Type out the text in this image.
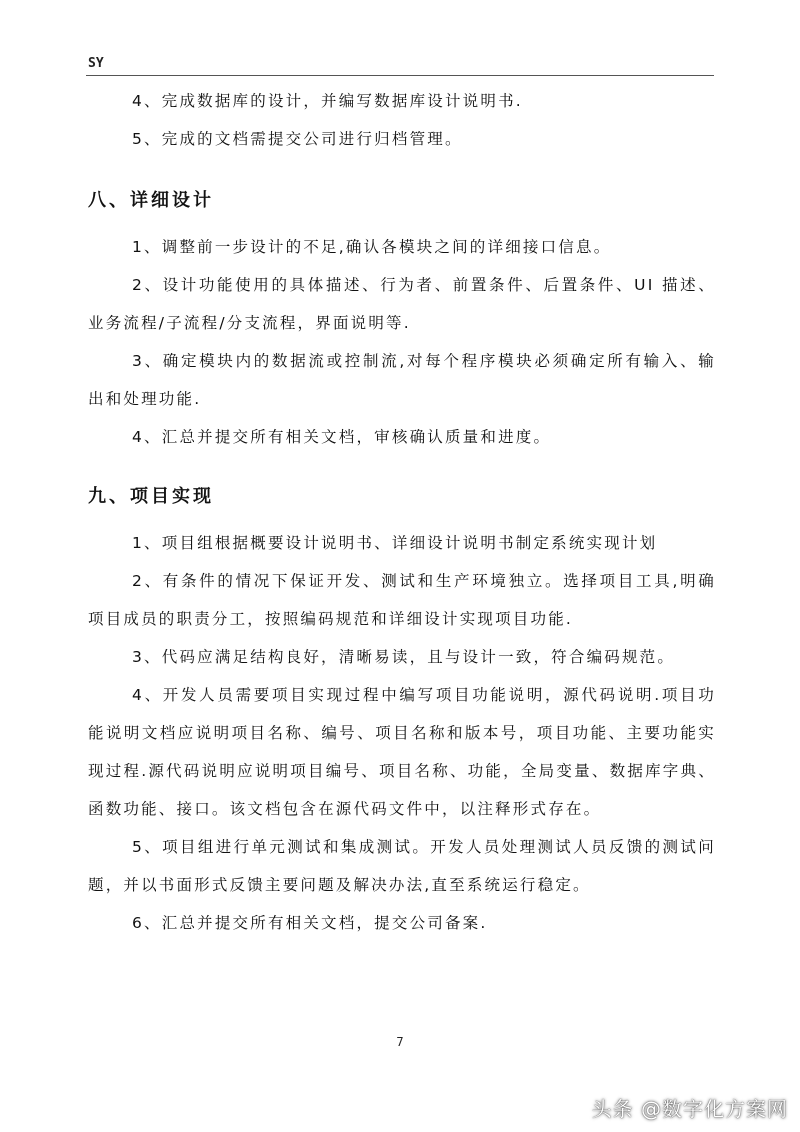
SY

4、完成数据库的设计，并编写数据库设计说明书.

5、完成的文档需提交公司进行归档管理。

八、详细设计

1、调整前一步设计的不足,确认各模块之间的详细接口信息。

2、设计功能使用的具体描述、行为者、前置条件、后置条件、UI 描述、业务流程/子流程/分支流程，界面说明等.

3、确定模块内的数据流或控制流,对每个程序模块必须确定所有输入、输出和处理功能.

4、汇总并提交所有相关文档，审核确认质量和进度。

九、项目实现

1、项目组根据概要设计说明书、详细设计说明书制定系统实现计划

2、有条件的情况下保证开发、测试和生产环境独立。选择项目工具,明确项目成员的职责分工，按照编码规范和详细设计实现项目功能.

3、代码应满足结构良好，清晰易读，且与设计一致，符合编码规范。

4、开发人员需要项目实现过程中编写项目功能说明，源代码说明.项目功能说明文档应说明项目名称、编号、项目名称和版本号，项目功能、主要功能实现过程.源代码说明应说明项目编号、项目名称、功能，全局变量、数据库字典、函数功能、接口。该文档包含在源代码文件中，以注释形式存在。

5、项目组进行单元测试和集成测试。开发人员处理测试人员反馈的测试问题，并以书面形式反馈主要问题及解决办法,直至系统运行稳定。

6、汇总并提交所有相关文档，提交公司备案.

7
头条 @数字化方案网
